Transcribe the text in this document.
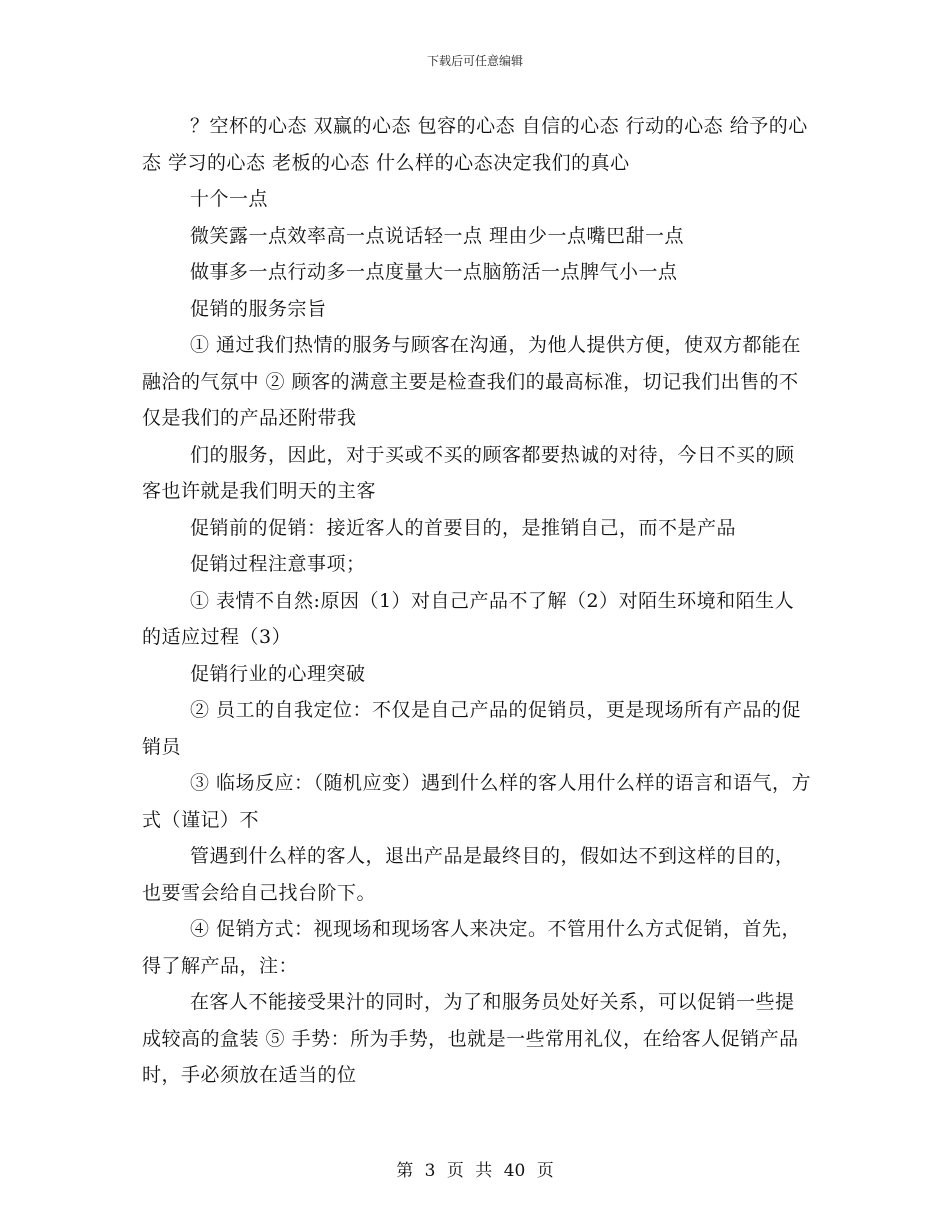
下载后可任意编辑

？空杯的心态 双赢的心态 包容的心态 自信的心态 行动的心态 给予的心态 学习的心态 老板的心态 什么样的心态决定我们的真心

十个一点

微笑露一点效率高一点说话轻一点 理由少一点嘴巴甜一点

做事多一点行动多一点度量大一点脑筋活一点脾气小一点

促销的服务宗旨

① 通过我们热情的服务与顾客在沟通，为他人提供方便，使双方都能在融洽的气氛中 ② 顾客的满意主要是检查我们的最高标准，切记我们出售的不仅是我们的产品还附带我

们的服务，因此，对于买或不买的顾客都要热诚的对待，今日不买的顾客也许就是我们明天的主客

促销前的促销：接近客人的首要目的，是推销自己，而不是产品

促销过程注意事项；

① 表情不自然:原因（1）对自己产品不了解（2）对陌生环境和陌生人的适应过程（3）

促销行业的心理突破

② 员工的自我定位：不仅是自己产品的促销员，更是现场所有产品的促销员

③ 临场反应：（随机应变）遇到什么样的客人用什么样的语言和语气，方式（谨记）不

管遇到什么样的客人，退出产品是最终目的，假如达不到这样的目的，也要雪会给自己找台阶下。

④ 促销方式：视现场和现场客人来决定。不管用什么方式促销，首先，得了解产品，注：

在客人不能接受果汁的同时，为了和服务员处好关系，可以促销一些提成较高的盒装 ⑤ 手势：所为手势，也就是一些常用礼仪，在给客人促销产品时，手必须放在适当的位

第 3 页 共 40 页
